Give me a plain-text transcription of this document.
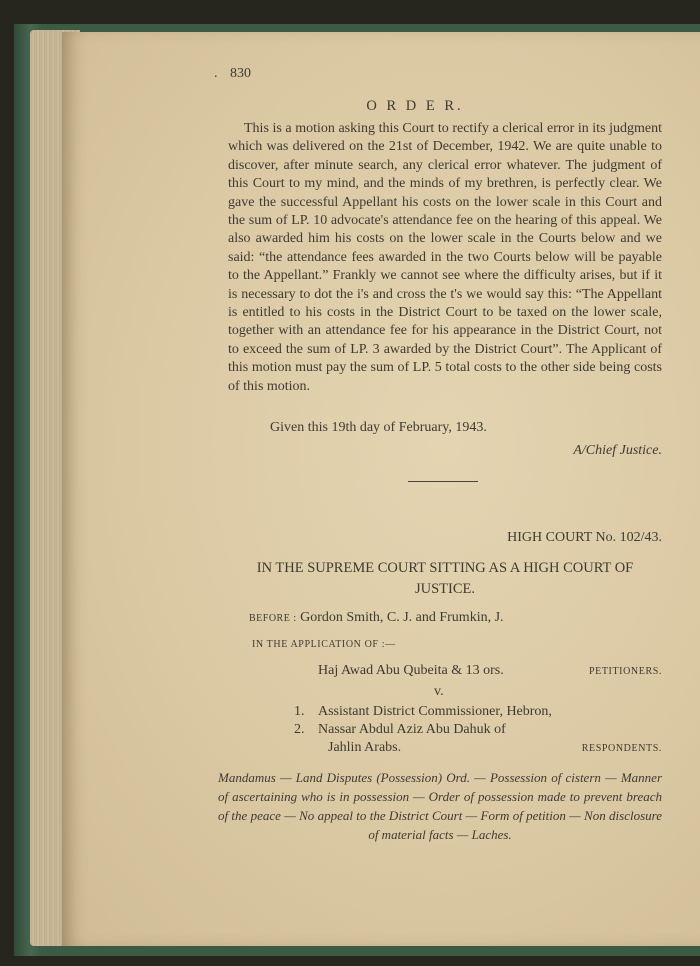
. 830
O R D E R.

This is a motion asking this Court to rectify a clerical error in its judgment which was delivered on the 21st of December, 1942. We are quite unable to discover, after minute search, any clerical error whatever. The judgment of this Court to my mind, and the minds of my brethren, is perfectly clear. We gave the successful Appellant his costs on the lower scale in this Court and the sum of LP. 10 advocate's attendance fee on the hearing of this appeal. We also awarded him his costs on the lower scale in the Courts below and we said: “the attendance fees awarded in the two Courts below will be payable to the Appellant.” Frankly we cannot see where the difficulty arises, but if it is necessary to dot the i's and cross the t's we would say this: “The Appellant is entitled to his costs in the District Court to be taxed on the lower scale, together with an attendance fee for his appearance in the District Court, not to exceed the sum of LP. 3 awarded by the District Court”. The Applicant of this motion must pay the sum of LP. 5 total costs to the other side being costs of this motion.

Given this 19th day of February, 1943.
A/Chief Justice.
HIGH COURT No. 102/43.
IN THE SUPREME COURT SITTING AS A HIGH COURT OF JUSTICE.
BEFORE : Gordon Smith, C. J. and Frumkin, J.
IN THE APPLICATION OF :—
Haj Awad Abu Qubeita & 13 ors.	PETITIONERS.
v.
1. Assistant District Commissioner, Hebron,
2. Nassar Abdul Aziz Abu Dahuk of
Jahlin Arabs.	RESPONDENTS.
Mandamus — Land Disputes (Possession) Ord. — Possession of cistern — Manner of ascertaining who is in possession — Order of possession made to prevent breach of the peace — No appeal to the District Court — Form of petition — Non disclosure of material facts — Laches.
